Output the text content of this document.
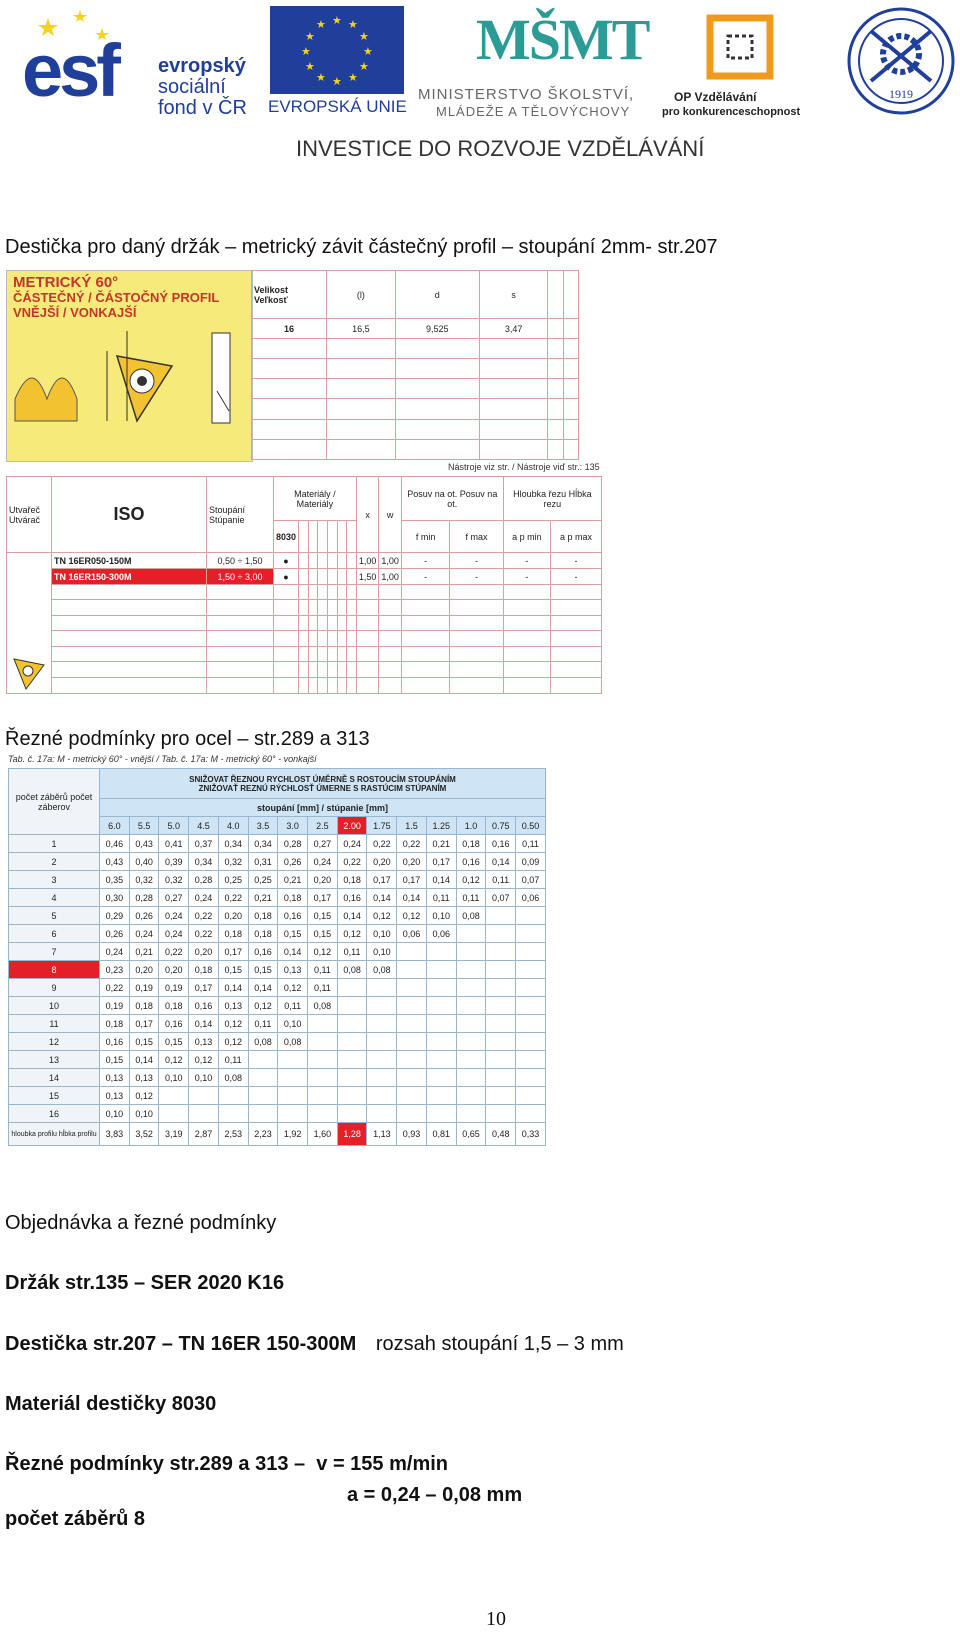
esf evropský
sociální
fond v ČR
★ ★
★
★
★
★
★
★
★
★
★
★
EVROPSKÁ UNIE
MŠMT
MINISTERSTVO ŠKOLSTVÍ,
MLÁDEŽE A TĚLOVÝCHOVY
OP Vzdělávání
pro konkurenceschopnost
1919
INVESTICE DO ROZVOJE VZDĚLÁVÁNÍ
Destička pro daný držák – metrický závit částečný profil – stoupání 2mm- str.207
METRICKÝ 60°
ČÁSTEČNÝ / ČÁSTOČNÝ PROFIL
VNĚJŠÍ / VONKAJŠÍ
Velikost Veľkosť	(l)	d	s		
16	16,5	9,525	3,47		

Nástroje viz str. / Nástroje viď str.: 135
Utvařeč Utvárač	ISO	Stoupání Stúpanie	Materiály / Materiály							x	w	Posuv na ot. Posuv na ot.		Hloubka řezu Hĺbka rezu	
			8030									f min	f max	a p min	a p max
	TN 16ER050-150M	0,50 ÷ 1,50	●							1,00	1,00	-	-	-	-
	TN 16ER150-300M	1,50 ÷ 3,00	●							1,50	1,00	-	-	-	-

Řezné podmínky pro ocel – str.289 a 313
Tab. č. 17a: M - metrický 60° - vnější / Tab. č. 17a: M - metrický 60° - vonkajší
počet záběrů počet záberov	SNIŽOVAT ŘEZNOU RYCHLOST ÚMĚRNĚ S ROSTOUCÍM STOUPÁNÍM
ZNIŽOVAŤ REZNÚ RÝCHLOSŤ ÚMERNE S RASTÚCIM STÚPANÍM														
	stoupání [mm] / stúpanie [mm]														
	6.0	5.5	5.0	4.5	4.0	3.5	3.0	2.5	2.00	1.75	1.5	1.25	1.0	0.75	0.50
1	0,46	0,43	0,41	0,37	0,34	0,34	0,28	0,27	0,24	0,22	0,22	0,21	0,18	0,16	0,11
2	0,43	0,40	0,39	0,34	0,32	0,31	0,26	0,24	0,22	0,20	0,20	0,17	0,16	0,14	0,09
3	0,35	0,32	0,32	0,28	0,25	0,25	0,21	0,20	0,18	0,17	0,17	0,14	0,12	0,11	0,07
4	0,30	0,28	0,27	0,24	0,22	0,21	0,18	0,17	0,16	0,14	0,14	0,11	0,11	0,07	0,06
5	0,29	0,26	0,24	0,22	0,20	0,18	0,16	0,15	0,14	0,12	0,12	0,10	0,08		
6	0,26	0,24	0,24	0,22	0,18	0,18	0,15	0,15	0,12	0,10	0,06	0,06			
7	0,24	0,21	0,22	0,20	0,17	0,16	0,14	0,12	0,11	0,10					
8	0,23	0,20	0,20	0,18	0,15	0,15	0,13	0,11	0,08	0,08					
9	0,22	0,19	0,19	0,17	0,14	0,14	0,12	0,11							
10	0,19	0,18	0,18	0,16	0,13	0,12	0,11	0,08							
11	0,18	0,17	0,16	0,14	0,12	0,11	0,10								
12	0,16	0,15	0,15	0,13	0,12	0,08	0,08								
13	0,15	0,14	0,12	0,12	0,11										
14	0,13	0,13	0,10	0,10	0,08										
15	0,13	0,12													
16	0,10	0,10													
hloubka profilu hĺbka profilu	3,83	3,52	3,19	2,87	2,53	2,23	1,92	1,60	1,28	1,13	0,93	0,81	0,65	0,48	0,33
Objednávka a řezné podmínky
Držák str.135 – SER 2020 K16
Destička str.207 – TN 16ER 150-300M rozsah stoupání 1,5 – 3 mm
Materiál destičky 8030
Řezné podmínky str.289 a 313 –  v = 155 m/min
a = 0,24 – 0,08 mm
počet záběrů 8
10
